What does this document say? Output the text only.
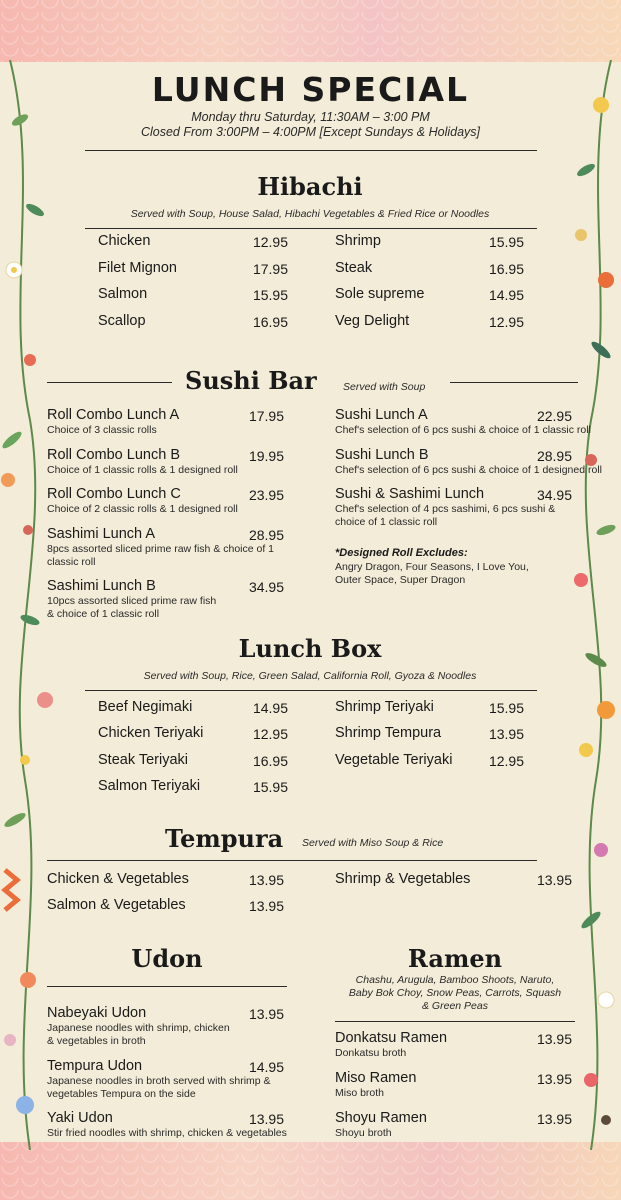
LUNCH SPECIAL
Monday thru Saturday, 11:30AM – 3:00 PM
Closed From 3:00PM – 4:00PM [Except Sundays & Holidays]
Hibachi
Served with Soup, House Salad, Hibachi Vegetables & Fried Rice or Noodles
Chicken	12.95
Filet Mignon	17.95
Salmon	15.95
Scallop	16.95
Shrimp	15.95
Steak	16.95
Sole supreme	14.95
Veg Delight	12.95
Sushi Bar	Served with Soup
Roll Combo Lunch A	17.95
Choice of 3 classic rolls
Roll Combo Lunch B	19.95
Choice of 1 classic rolls & 1 designed roll
Roll Combo Lunch C	23.95
Choice of 2 classic rolls & 1 designed roll
Sashimi Lunch A	28.95
8pcs assorted sliced prime raw fish & choice of 1
classic roll
Sashimi Lunch B	34.95
10pcs assorted sliced prime raw fish
& choice of 1 classic roll
Sushi Lunch A	22.95
Chef's selection of 6 pcs sushi & choice of 1 classic roll
Sushi Lunch B	28.95
Chef's selection of 6 pcs sushi & choice of 1 designed roll
Sushi & Sashimi Lunch	34.95
Chef's selection of 4 pcs sashimi, 6 pcs sushi &
choice of 1 classic roll
*Designed Roll Excludes:
Angry Dragon, Four Seasons, I Love You,
Outer Space, Super Dragon
Lunch Box
Served with Soup, Rice, Green Salad, California Roll, Gyoza & Noodles
Beef Negimaki	14.95
Chicken Teriyaki	12.95
Steak Teriyaki	16.95
Salmon Teriyaki	15.95
Shrimp Teriyaki	15.95
Shrimp Tempura	13.95
Vegetable Teriyaki	12.95
Tempura	Served with Miso Soup & Rice
Chicken & Vegetables	13.95
Salmon & Vegetables	13.95
Shrimp & Vegetables	13.95
Udon
Nabeyaki Udon	13.95
Japanese noodles with shrimp, chicken
& vegetables in broth
Tempura Udon	14.95
Japanese noodles in broth served with shrimp &
vegetables Tempura on the side
Yaki Udon	13.95
Stir fried noodles with shrimp, chicken & vegetables
Ramen
Chashu, Arugula, Bamboo Shoots, Naruto,
Baby Bok Choy, Snow Peas, Carrots, Squash
& Green Peas
Donkatsu Ramen	13.95
Donkatsu broth
Miso Ramen	13.95
Miso broth
Shoyu Ramen	13.95
Shoyu broth
